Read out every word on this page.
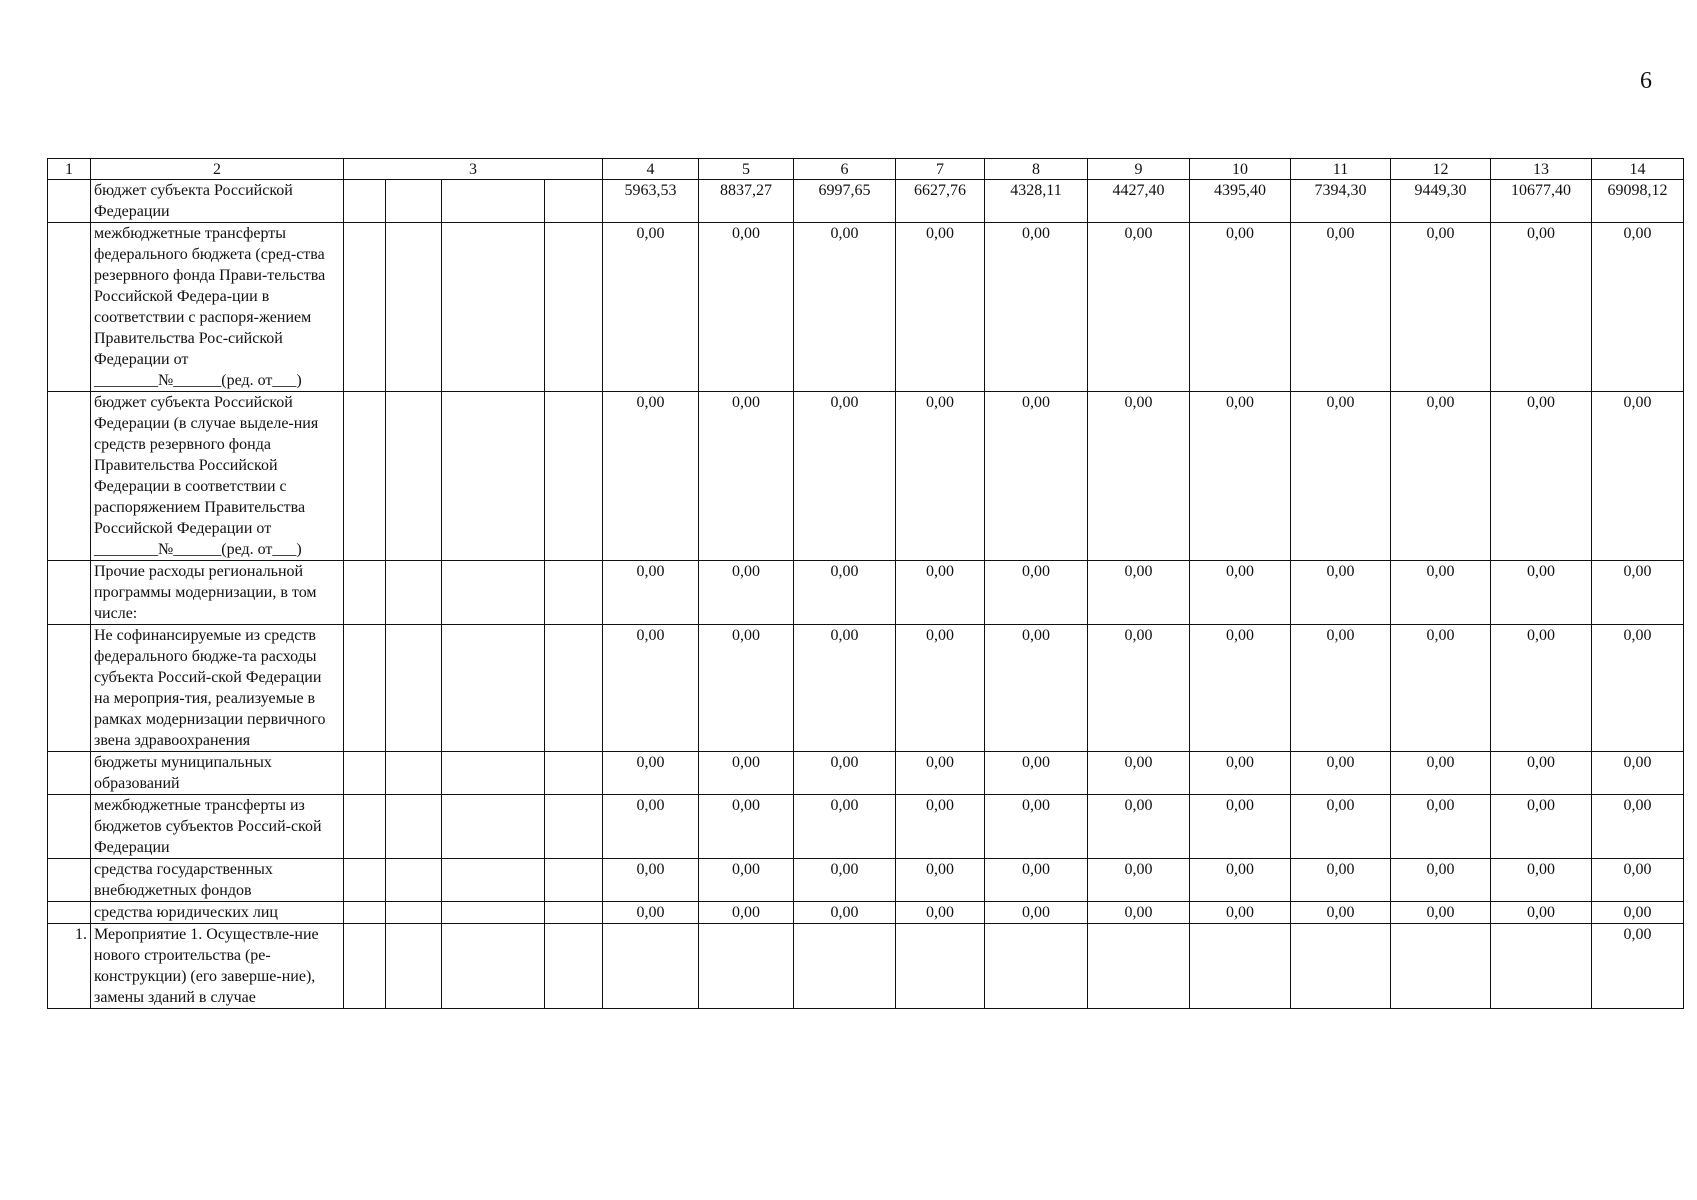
6
1	2	3				4	5	6	7	8	9	10	11	12	13	14
	бюджет субъекта Российской Федерации					5963,53	8837,27	6997,65	6627,76	4328,11	4427,40	4395,40	7394,30	9449,30	10677,40	69098,12
	межбюджетные трансферты федерального бюджета (сред-ства резервного фонда Прави-тельства Российской Федера-ции в соответствии с распоря-жением Правительства Рос-сийской Федерации от ________№______(ред. от___)					0,00	0,00	0,00	0,00	0,00	0,00	0,00	0,00	0,00	0,00	0,00
	бюджет субъекта Российской Федерации (в случае выделе-ния средств резервного фонда Правительства Российской Федерации в соответствии с распоряжением Правительства Российской Федерации от ________№______(ред. от___)					0,00	0,00	0,00	0,00	0,00	0,00	0,00	0,00	0,00	0,00	0,00
	Прочие расходы региональной программы модернизации, в том числе:					0,00	0,00	0,00	0,00	0,00	0,00	0,00	0,00	0,00	0,00	0,00
	Не софинансируемые из средств федерального бюдже-та расходы субъекта Россий-ской Федерации на мероприя-тия, реализуемые в рамках модернизации первичного звена здравоохранения					0,00	0,00	0,00	0,00	0,00	0,00	0,00	0,00	0,00	0,00	0,00
	бюджеты муниципальных образований					0,00	0,00	0,00	0,00	0,00	0,00	0,00	0,00	0,00	0,00	0,00
	межбюджетные трансферты из бюджетов субъектов Россий-ской Федерации					0,00	0,00	0,00	0,00	0,00	0,00	0,00	0,00	0,00	0,00	0,00
	средства государственных внебюджетных фондов					0,00	0,00	0,00	0,00	0,00	0,00	0,00	0,00	0,00	0,00	0,00
	средства юридических лиц					0,00	0,00	0,00	0,00	0,00	0,00	0,00	0,00	0,00	0,00	0,00
1.	Мероприятие 1. Осуществле-ние нового строительства (ре-конструкции) (его заверше-ние), замены зданий в случае															0,00
